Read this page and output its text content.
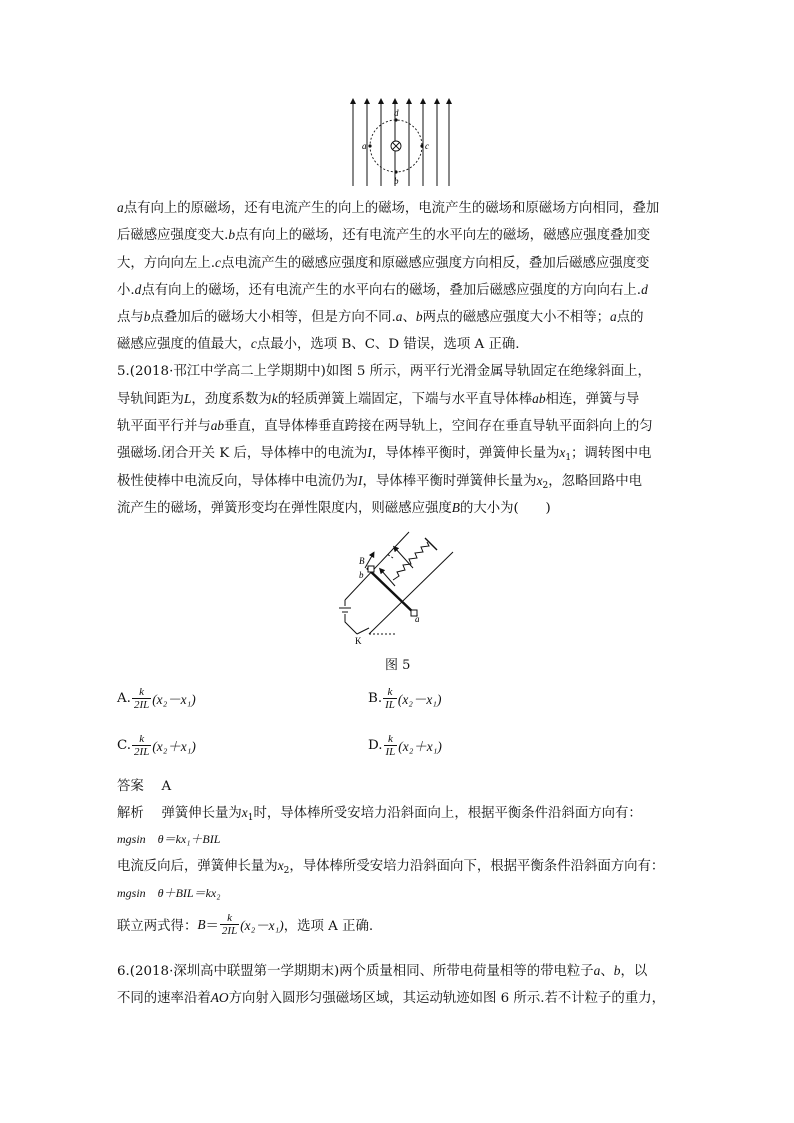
a	c
d
b
a点有向上的原磁场，还有电流产生的向上的磁场，电流产生的磁场和原磁场方向相同，叠加
后磁感应强度变大.b点有向上的磁场，还有电流产生的水平向左的磁场，磁感应强度叠加变
大，方向向左上.c点电流产生的磁感应强度和原磁感应强度方向相反，叠加后磁感应强度变
小.d点有向上的磁场，还有电流产生的水平向右的磁场，叠加后磁感应强度的方向向右上.d
点与b点叠加后的磁场大小相等，但是方向不同.a、b两点的磁感应强度大小不相等；a点的
磁感应强度的值最大，c点最小，选项 B、C、D 错误，选项 A 正确.
5.(2018·邗江中学高二上学期期中)如图 5 所示，两平行光滑金属导轨固定在绝缘斜面上，
导轨间距为L，劲度系数为k的轻质弹簧上端固定，下端与水平直导体棒ab相连，弹簧与导
轨平面平行并与ab垂直，直导体棒垂直跨接在两导轨上，空间存在垂直导轨平面斜向上的匀
强磁场.闭合开关 K 后，导体棒中的电流为I，导体棒平衡时，弹簧伸长量为$x_1$；调转图中电
极性使棒中电流反向，导体棒中电流仍为I，导体棒平衡时弹簧伸长量为$x_2$，忽略回路中电
流产生的磁场，弹簧形变均在弹性限度内，则磁感应强度B的大小为(　　)
B
b
a
K
图 5
A. $\frac{k}{2IL} (x_2-x_1)$	B. $\frac{k}{IL} (x_2-x_1)$
C. $\frac{k}{2IL} (x_2+x_1)$	D. $\frac{k}{IL} (x_2+x_1)$
答案　 A
解析　 弹簧伸长量为$x_1$时，导体棒所受安培力沿斜面向上，根据平衡条件沿斜面方向有：
mgsin　θ＝kx₁＋BIL
电流反向后，弹簧伸长量为$x_2$，导体棒所受安培力沿斜面向下，根据平衡条件沿斜面方向有：
mgsin　θ＋BIL＝kx₂
联立两式得： $B = \frac{k}{2IL} (x_2-x_1)$ ，选项 A 正确.
6.(2018·深圳高中联盟第一学期期末)两个质量相同、所带电荷量相等的带电粒子a、b，以
不同的速率沿着AO方向射入圆形匀强磁场区域，其运动轨迹如图 6 所示.若不计粒子的重力，
